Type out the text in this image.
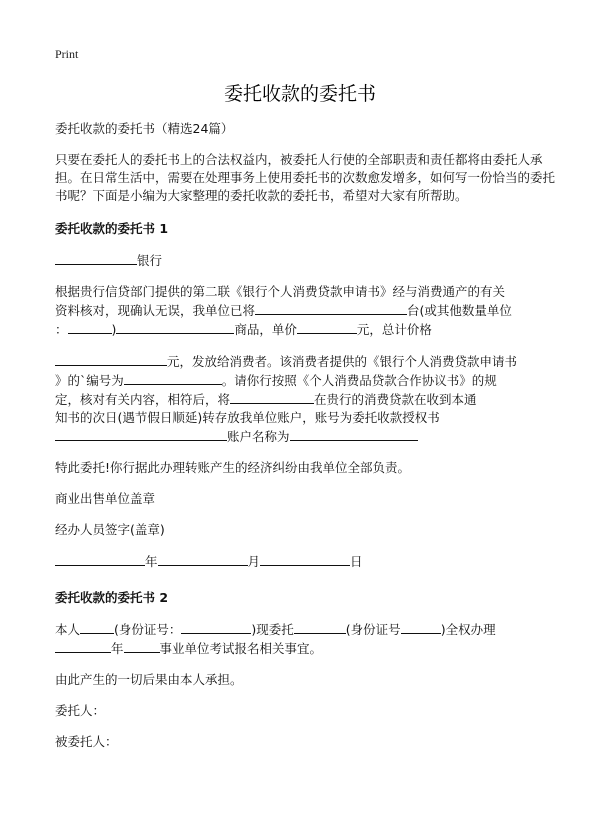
Print
委托收款的委托书

委托收款的委托书（精选24篇）

只要在委托人的委托书上的合法权益内，被委托人行使的全部职责和责任都将由委托人承担。在日常生活中，需要在处理事务上使用委托书的次数愈发增多，如何写一份恰当的委托书呢？下面是小编为大家整理的委托收款的委托书，希望对大家有所帮助。

委托收款的委托书 1

银行

根据贵行信贷部门提供的第二联《银行个人消费贷款申请书》经与消费通产的有关

资料核对，现确认无误，我单位已将	台(或其他数量单位

：	)	商品，单价	元，总计价格

元，发放给消费者。该消费者提供的《银行个人消费贷款申请书

》的`编号为	。请你行按照《个人消费品贷款合作协议书》的规

定，核对有关内容，相符后，将	在贵行的消费贷款在收到本通

知书的次日(遇节假日顺延)转存放我单位账户，账号为委托收款授权书

账户名称为

特此委托!你行据此办理转账产生的经济纠纷由我单位全部负责。

商业出售单位盖章

经办人员签字(盖章)

年	月	日

委托收款的委托书 2

本人	(身份证号：	)现委托	(身份证号	)全权办理

年	事业单位考试报名相关事宜。

由此产生的一切后果由本人承担。

委托人：

被委托人：
